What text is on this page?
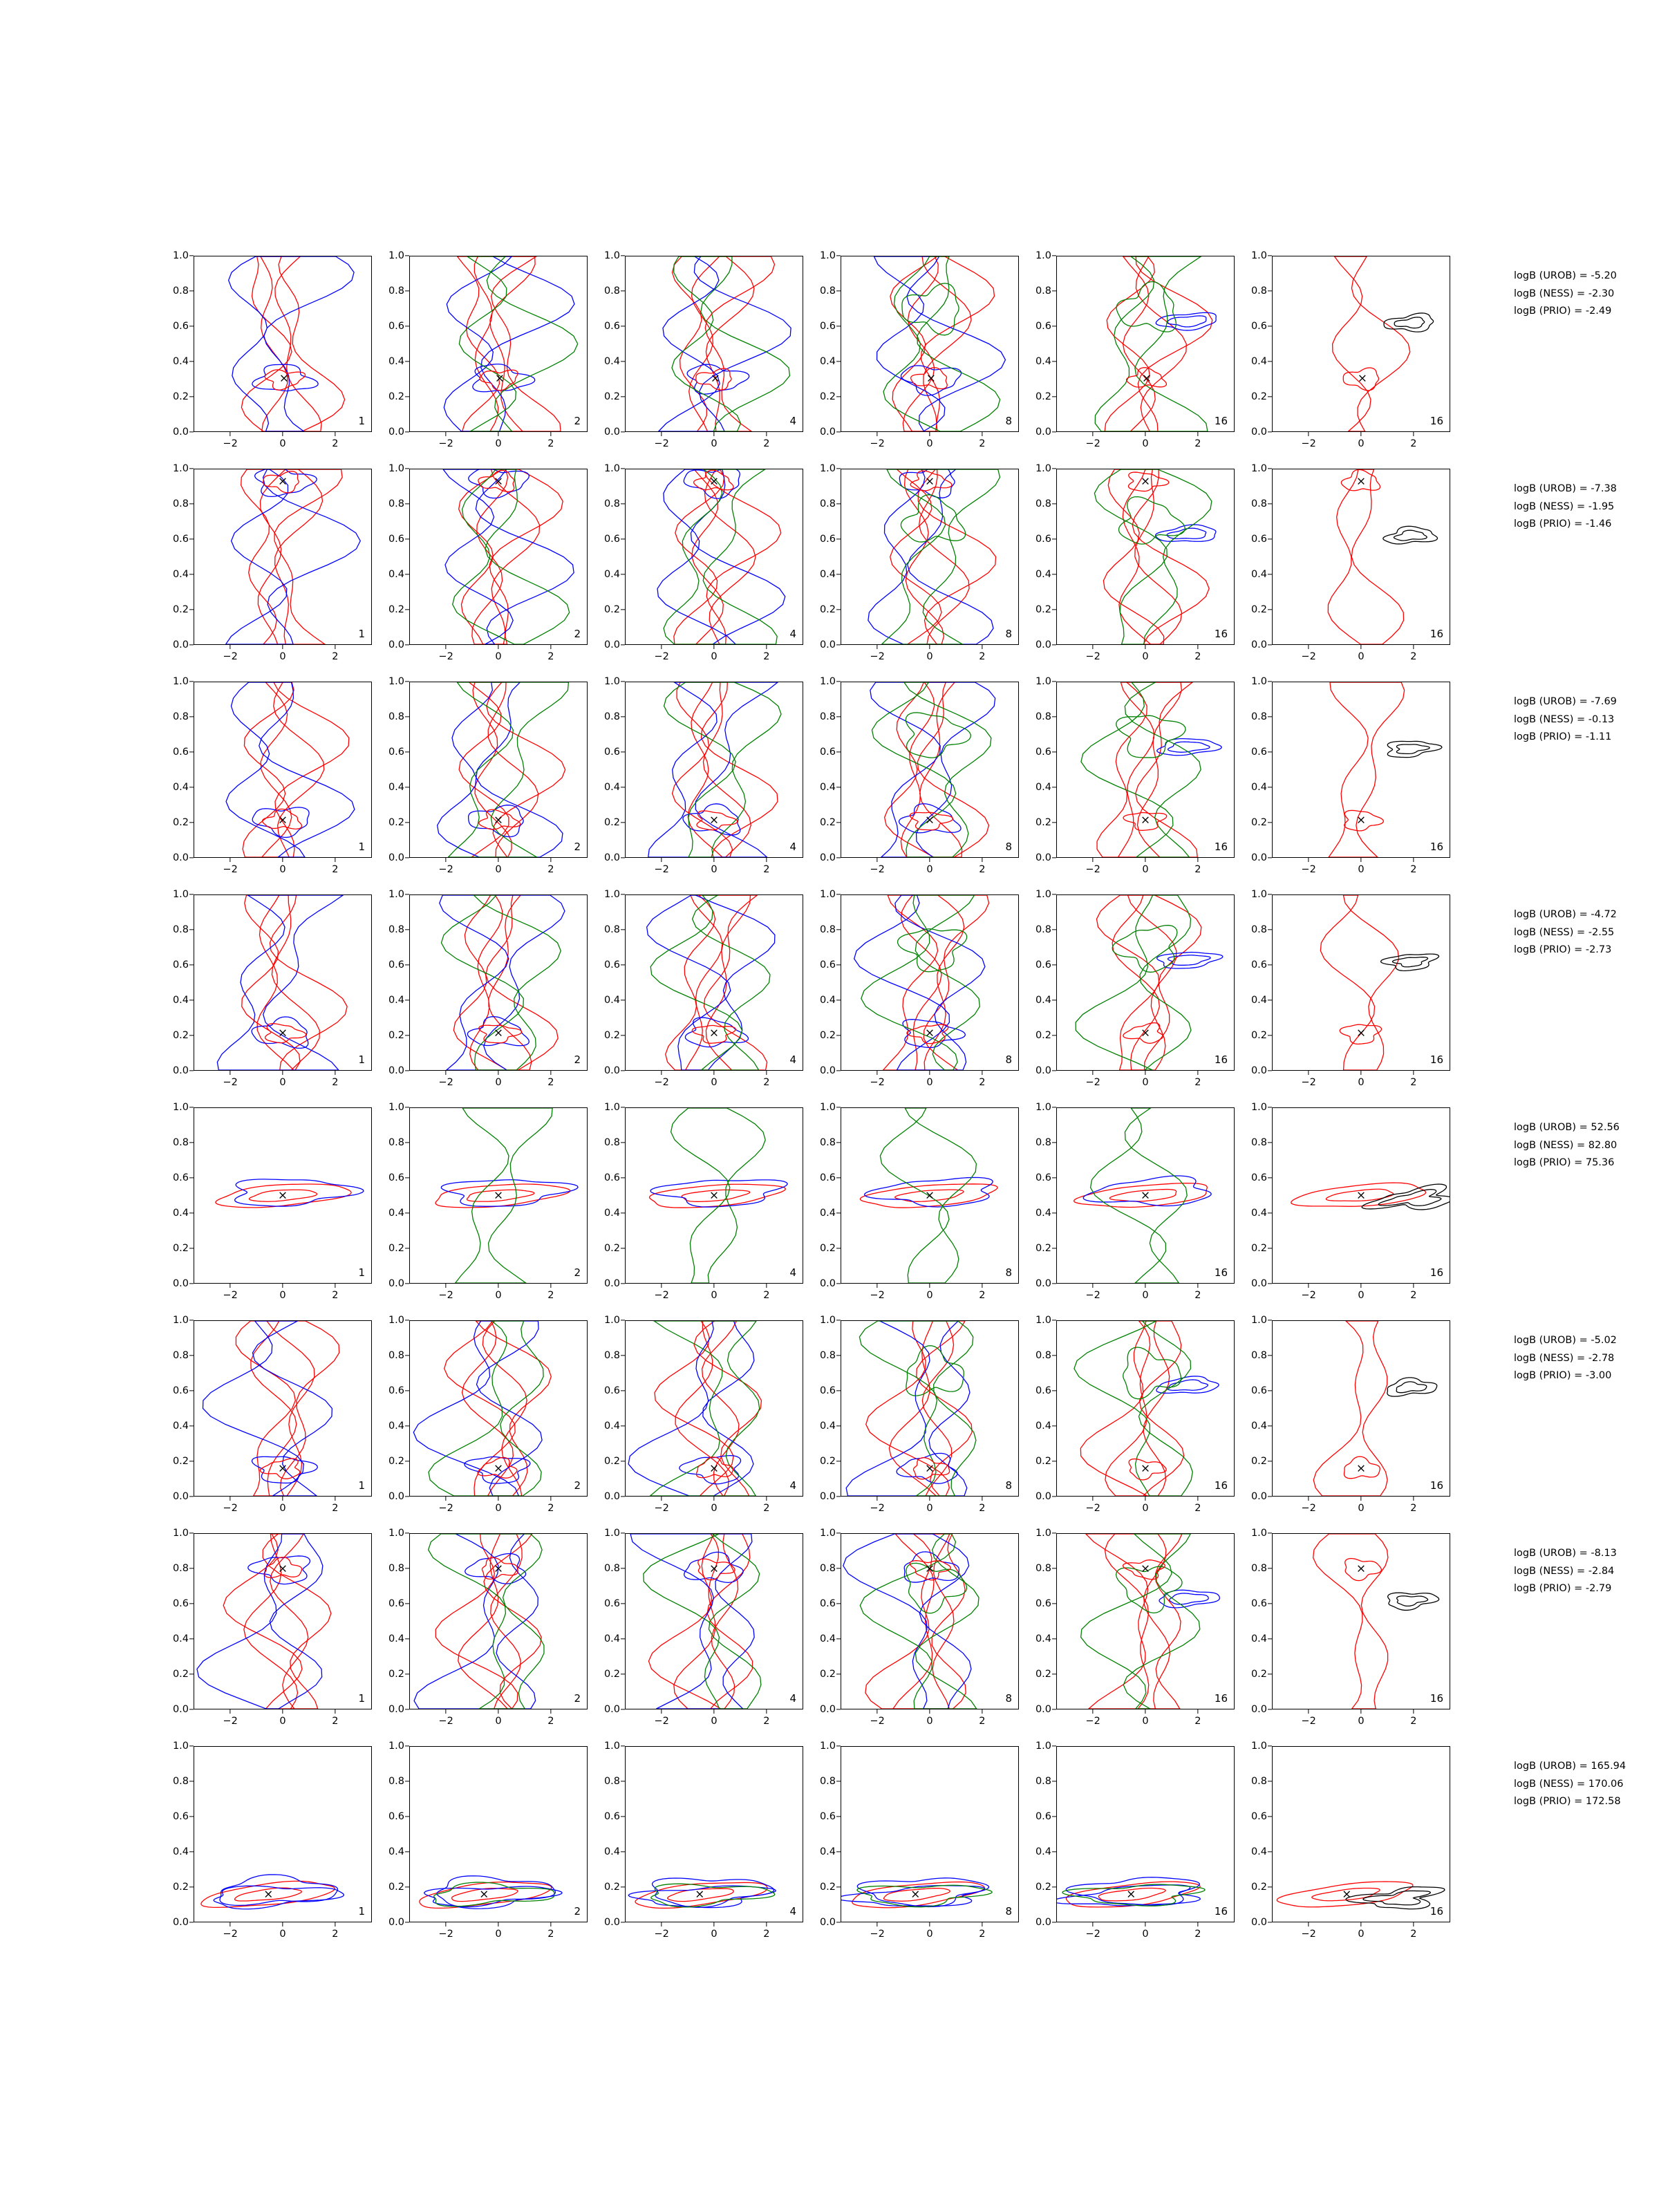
×
1
0.0
0.2
0.4
0.6
0.8
1.0
−2	0	2
×
2
0.0
0.2
0.4
0.6
0.8
1.0
−2	0	2
×
4
0.0
0.2
0.4
0.6
0.8
1.0
−2	0	2
×
8
0.0
0.2
0.4
0.6
0.8
1.0
−2	0	2
×
16
0.0
0.2
0.4
0.6
0.8
1.0
−2	0	2
×
16
0.0
0.2
0.4
0.6
0.8
1.0
−2	0	2
×
1
0.0
0.2
0.4
0.6
0.8
1.0
−2	0	2
×
2
0.0
0.2
0.4
0.6
0.8
1.0
−2	0	2
×
4
0.0
0.2
0.4
0.6
0.8
1.0
−2	0	2
×
8
0.0
0.2
0.4
0.6
0.8
1.0
−2	0	2
×
16
0.0
0.2
0.4
0.6
0.8
1.0
−2	0	2
×
16
0.0
0.2
0.4
0.6
0.8
1.0
−2	0	2
×
1
0.0
0.2
0.4
0.6
0.8
1.0
−2	0	2
×
2
0.0
0.2
0.4
0.6
0.8
1.0
−2	0	2
×
4
0.0
0.2
0.4
0.6
0.8
1.0
−2	0	2
×
8
0.0
0.2
0.4
0.6
0.8
1.0
−2	0	2
×
16
0.0
0.2
0.4
0.6
0.8
1.0
−2	0	2
×
16
0.0
0.2
0.4
0.6
0.8
1.0
−2	0	2
×
1
0.0
0.2
0.4
0.6
0.8
1.0
−2	0	2
×
2
0.0
0.2
0.4
0.6
0.8
1.0
−2	0	2
×
4
0.0
0.2
0.4
0.6
0.8
1.0
−2	0	2
×
8
0.0
0.2
0.4
0.6
0.8
1.0
−2	0	2
×
16
0.0
0.2
0.4
0.6
0.8
1.0
−2	0	2
×
16
0.0
0.2
0.4
0.6
0.8
1.0
−2	0	2
×
1
0.0
0.2
0.4
0.6
0.8
1.0
−2	0	2
×
2
0.0
0.2
0.4
0.6
0.8
1.0
−2	0	2
×
4
0.0
0.2
0.4
0.6
0.8
1.0
−2	0	2
×
8
0.0
0.2
0.4
0.6
0.8
1.0
−2	0	2
×
16
0.0
0.2
0.4
0.6
0.8
1.0
−2	0	2
×
16
0.0
0.2
0.4
0.6
0.8
1.0
−2	0	2
×
1
0.0
0.2
0.4
0.6
0.8
1.0
−2	0	2
×
2
0.0
0.2
0.4
0.6
0.8
1.0
−2	0	2
×
4
0.0
0.2
0.4
0.6
0.8
1.0
−2	0	2
×
8
0.0
0.2
0.4
0.6
0.8
1.0
−2	0	2
×
16
0.0
0.2
0.4
0.6
0.8
1.0
−2	0	2
×
16
0.0
0.2
0.4
0.6
0.8
1.0
−2	0	2
×
1
0.0
0.2
0.4
0.6
0.8
1.0
−2	0	2
×
2
0.0
0.2
0.4
0.6
0.8
1.0
−2	0	2
×
4
0.0
0.2
0.4
0.6
0.8
1.0
−2	0	2
×
8
0.0
0.2
0.4
0.6
0.8
1.0
−2	0	2
×
16
0.0
0.2
0.4
0.6
0.8
1.0
−2	0	2
×
16
0.0
0.2
0.4
0.6
0.8
1.0
−2	0	2
×
1
0.0
0.2
0.4
0.6
0.8
1.0
−2	0	2
×
2
0.0
0.2
0.4
0.6
0.8
1.0
−2	0	2
×
4
0.0
0.2
0.4
0.6
0.8
1.0
−2	0	2
×
8
0.0
0.2
0.4
0.6
0.8
1.0
−2	0	2
×
16
0.0
0.2
0.4
0.6
0.8
1.0
−2	0	2
×
16
0.0
0.2
0.4
0.6
0.8
1.0
−2	0	2
logB (UROB) = -5.20
logB (NESS) = -2.30
logB (PRIO) = -2.49
logB (UROB) = -7.38
logB (NESS) = -1.95
logB (PRIO) = -1.46
logB (UROB) = -7.69
logB (NESS) = -0.13
logB (PRIO) = -1.11
logB (UROB) = -4.72
logB (NESS) = -2.55
logB (PRIO) = -2.73
logB (UROB) = 52.56
logB (NESS) = 82.80
logB (PRIO) = 75.36
logB (UROB) = -5.02
logB (NESS) = -2.78
logB (PRIO) = -3.00
logB (UROB) = -8.13
logB (NESS) = -2.84
logB (PRIO) = -2.79
logB (UROB) = 165.94
logB (NESS) = 170.06
logB (PRIO) = 172.58
